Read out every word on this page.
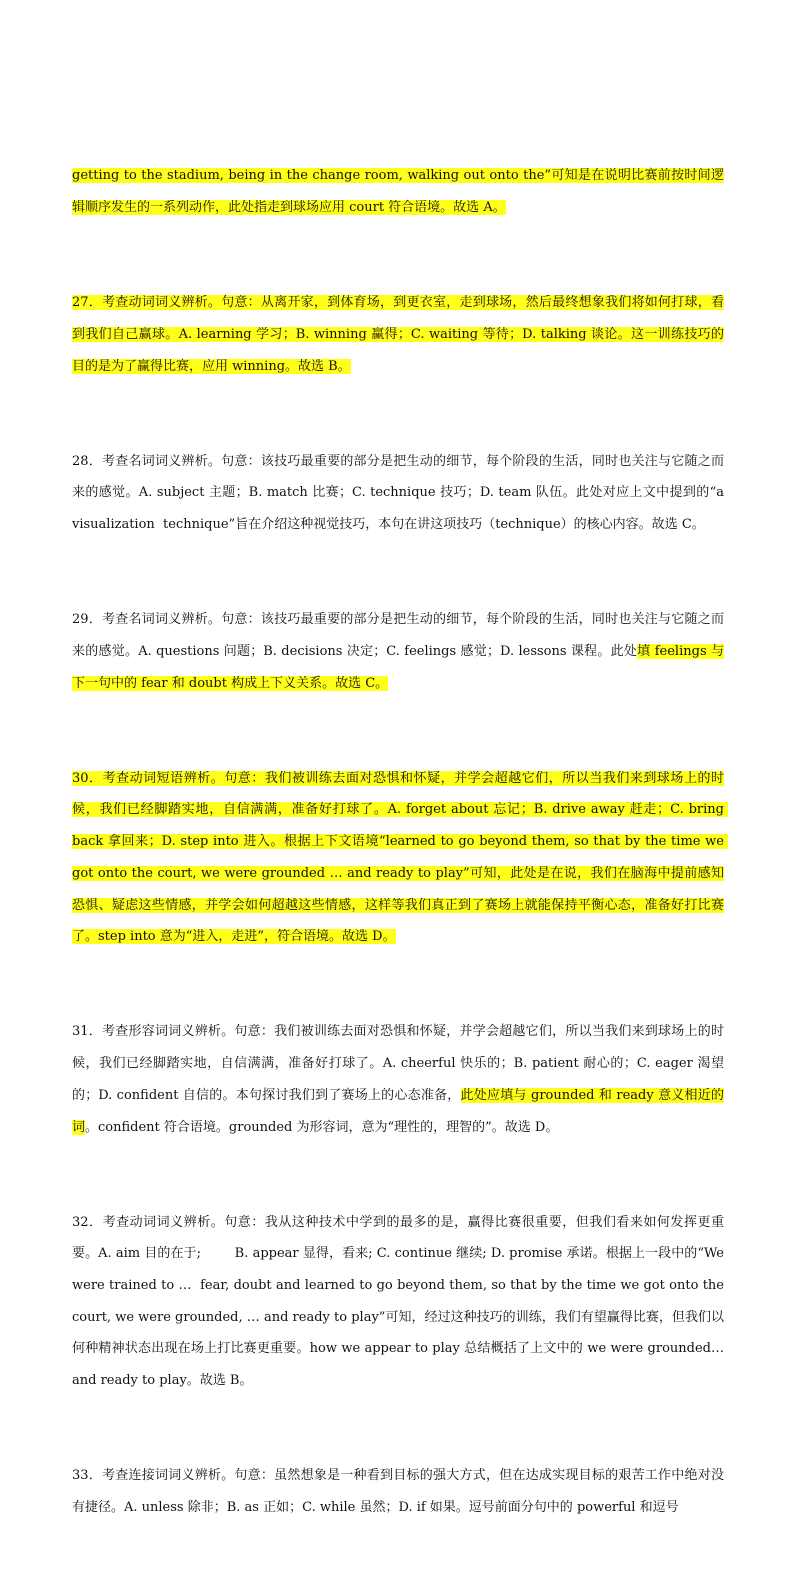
getting to the stadium, being in the change room, walking out onto the”可知是在说明比赛前按时间逻辑顺序发生的一系列动作，此处指走到球场应用 court 符合语境。故选 A。

27．考查动词词义辨析。句意：从离开家，到体育场，到更衣室，走到球场，然后最终想象我们将如何打球，看到我们自己赢球。A. learning 学习；B. winning 赢得；C. waiting 等待；D. talking 谈论。这一训练技巧的目的是为了赢得比赛，应用 winning。故选 B。

28．考查名词词义辨析。句意：该技巧最重要的部分是把生动的细节，每个阶段的生活，同时也关注与它随之而来的感觉。A. subject 主题；B. match 比赛；C. technique 技巧；D. team 队伍。此处对应上文中提到的“a visualization  technique”旨在介绍这种视觉技巧，本句在讲这项技巧（technique）的核心内容。故选 C。

29．考查名词词义辨析。句意：该技巧最重要的部分是把生动的细节，每个阶段的生活，同时也关注与它随之而来的感觉。A. questions 问题；B. decisions 决定；C. feelings 感觉；D. lessons 课程。此处填 feelings 与下一句中的 fear 和 doubt 构成上下义关系。故选 C。

30．考查动词短语辨析。句意：我们被训练去面对恐惧和怀疑，并学会超越它们，所以当我们来到球场上的时候，我们已经脚踏实地，自信满满，准备好打球了。A. forget about 忘记；B. drive away 赶走；C. bring back 拿回来；D. step into 进入。根据上下文语境“learned to go beyond them, so that by the time we got onto the court, we were grounded … and ready to play”可知，此处是在说，我们在脑海中提前感知恐惧、疑虑这些情感，并学会如何超越这些情感，这样等我们真正到了赛场上就能保持平衡心态，准备好打比赛了。step into 意为“进入，走进”，符合语境。故选 D。

31．考查形容词词义辨析。句意：我们被训练去面对恐惧和怀疑，并学会超越它们，所以当我们来到球场上的时候，我们已经脚踏实地，自信满满，准备好打球了。A. cheerful 快乐的；B. patient 耐心的；C. eager 渴望的；D. confident 自信的。本句探讨我们到了赛场上的心态准备，此处应填与 grounded 和 ready 意义相近的词。confident 符合语境。grounded 为形容词，意为“理性的，理智的”。故选 D。

32．考查动词词义辨析。句意：我从这种技术中学到的最多的是，赢得比赛很重要，但我们看来如何发挥更重要。A. aim 目的在于;        B. appear 显得，看来; C. continue 继续; D. promise 承诺。根据上一段中的“We were trained to …  fear, doubt and learned to go beyond them, so that by the time we got onto the court, we were grounded, … and ready to play”可知，经过这种技巧的训练，我们有望赢得比赛，但我们以何种精神状态出现在场上打比赛更重要。how we appear to play 总结概括了上文中的 we were grounded…and ready to play。故选 B。

33．考查连接词词义辨析。句意：虽然想象是一种看到目标的强大方式，但在达成实现目标的艰苦工作中绝对没有捷径。A. unless 除非；B. as 正如；C. while 虽然；D. if 如果。逗号前面分句中的 powerful 和逗号
